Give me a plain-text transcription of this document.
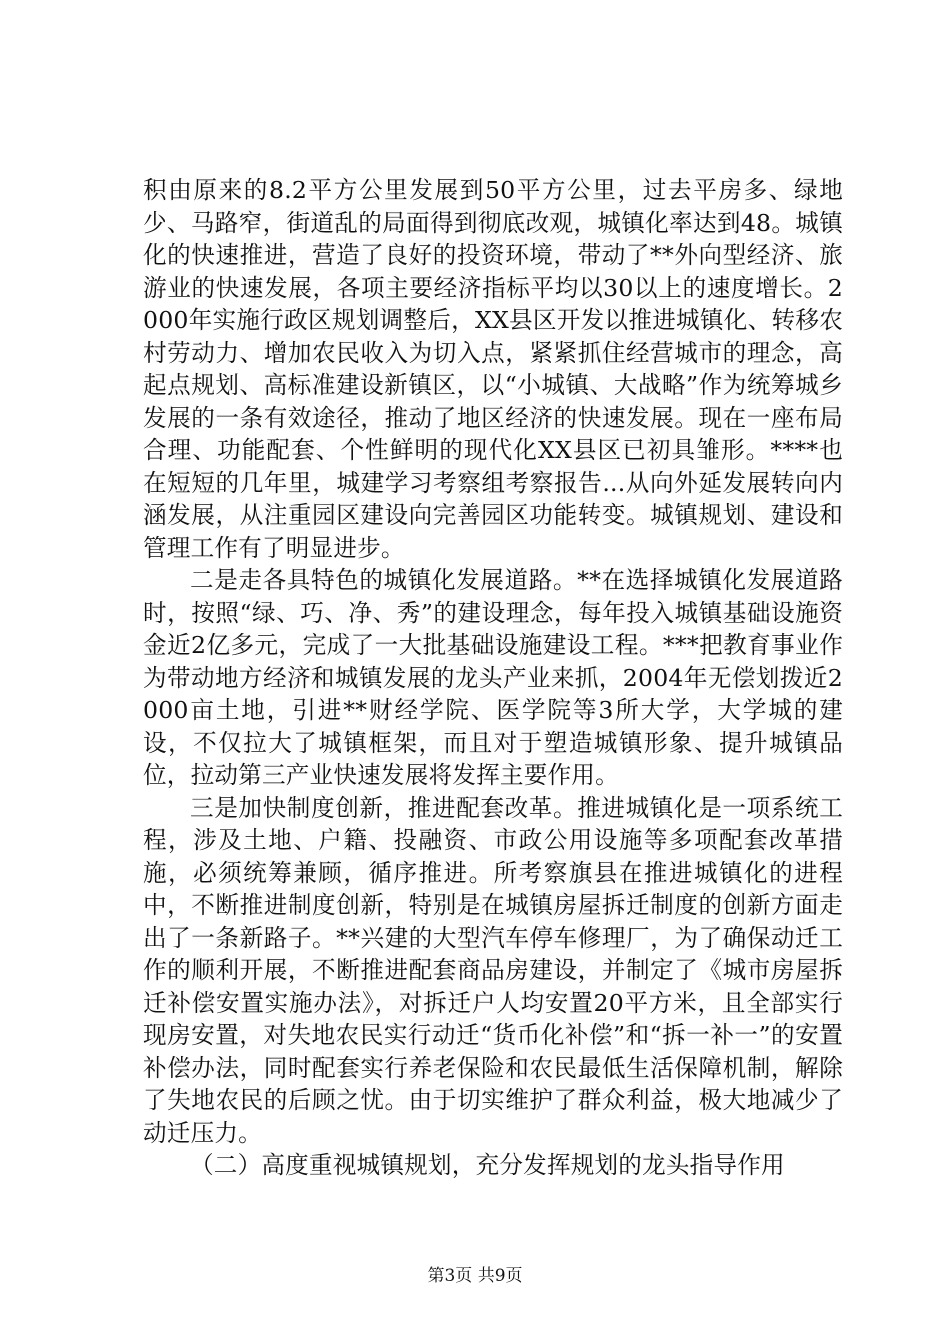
积由原来的8.2平方公里发展到50平方公里，过去平房多、绿地少、马路窄，街道乱的局面得到彻底改观，城镇化率达到48。城镇化的快速推进，营造了良好的投资环境，带动了**外向型经济、旅游业的快速发展，各项主要经济指标平均以30以上的速度增长。2000年实施行政区规划调整后，XX县区开发以推进城镇化、转移农村劳动力、增加农民收入为切入点，紧紧抓住经营城市的理念，高起点规划、高标准建设新镇区，以“小城镇、大战略”作为统筹城乡发展的一条有效途径，推动了地区经济的快速发展。现在一座布局合理、功能配套、个性鲜明的现代化XX县区已初具雏形。****也在短短的几年里，城建学习考察组考察报告...从向外延发展转向内涵发展，从注重园区建设向完善园区功能转变。城镇规划、建设和管理工作有了明显进步。

二是走各具特色的城镇化发展道路。**在选择城镇化发展道路时，按照“绿、巧、净、秀”的建设理念，每年投入城镇基础设施资金近2亿多元，完成了一大批基础设施建设工程。***把教育事业作为带动地方经济和城镇发展的龙头产业来抓，2004年无偿划拨近2000亩土地，引进**财经学院、医学院等3所大学，大学城的建设，不仅拉大了城镇框架，而且对于塑造城镇形象、提升城镇品位，拉动第三产业快速发展将发挥主要作用。

三是加快制度创新，推进配套改革。推进城镇化是一项系统工程，涉及土地、户籍、投融资、市政公用设施等多项配套改革措施，必须统筹兼顾，循序推进。所考察旗县在推进城镇化的进程中，不断推进制度创新，特别是在城镇房屋拆迁制度的创新方面走出了一条新路子。**兴建的大型汽车停车修理厂，为了确保动迁工作的顺利开展，不断推进配套商品房建设，并制定了《城市房屋拆迁补偿安置实施办法》，对拆迁户人均安置20平方米，且全部实行现房安置，对失地农民实行动迁“货币化补偿”和“拆一补一”的安置补偿办法，同时配套实行养老保险和农民最低生活保障机制，解除了失地农民的后顾之忧。由于切实维护了群众利益，极大地减少了动迁压力。

（二）高度重视城镇规划，充分发挥规划的龙头指导作用

第3页 共9页
